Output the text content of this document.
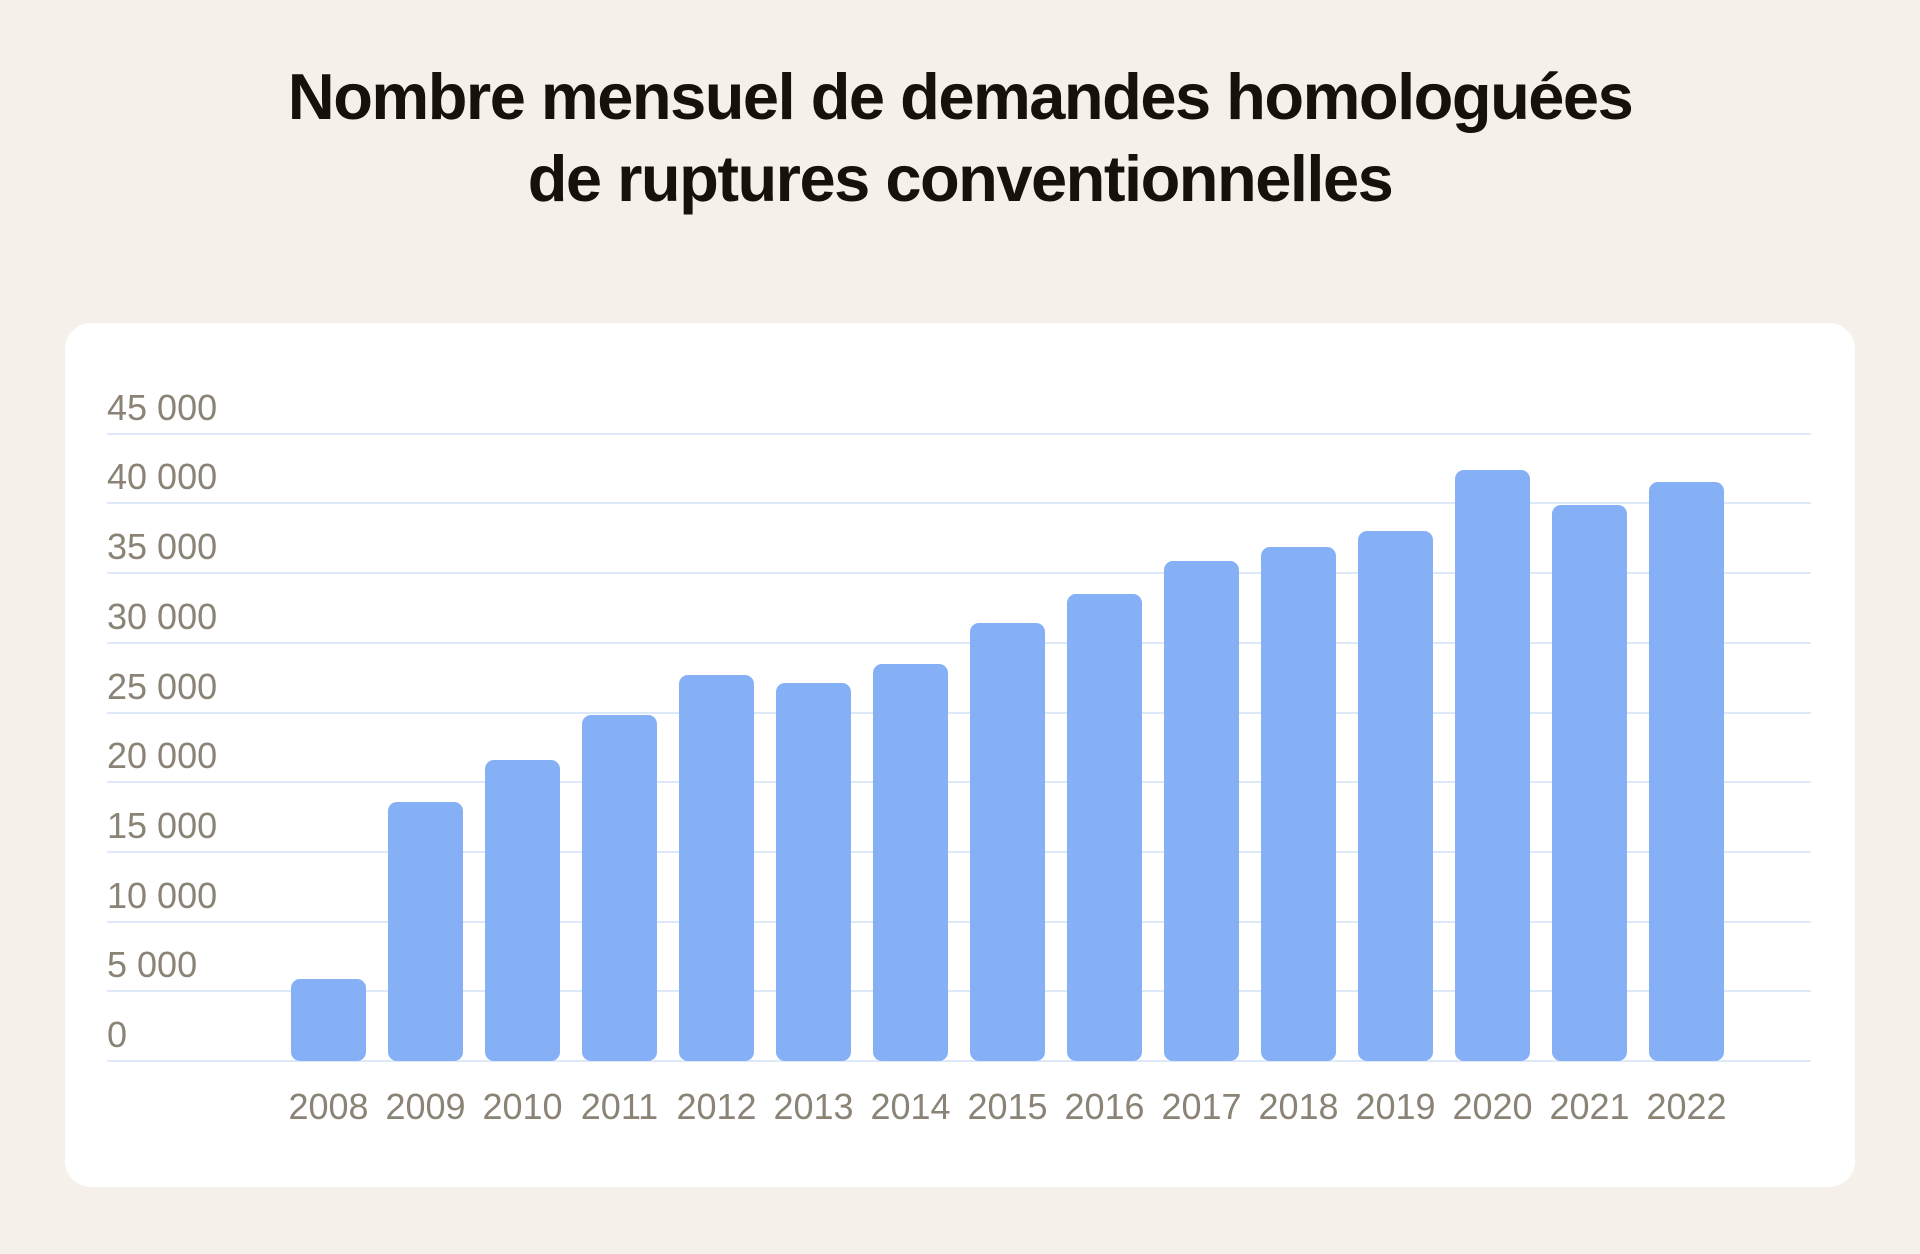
Nombre mensuel de demandes homologuées
de ruptures conventionnelles
45 000
40 000
35 000
30 000
25 000
20 000
15 000
10 000
5 000
0
2008 2009 2010 2011 2012 2013 2014 2015 2016 2017 2018 2019 2020 2021 2022
